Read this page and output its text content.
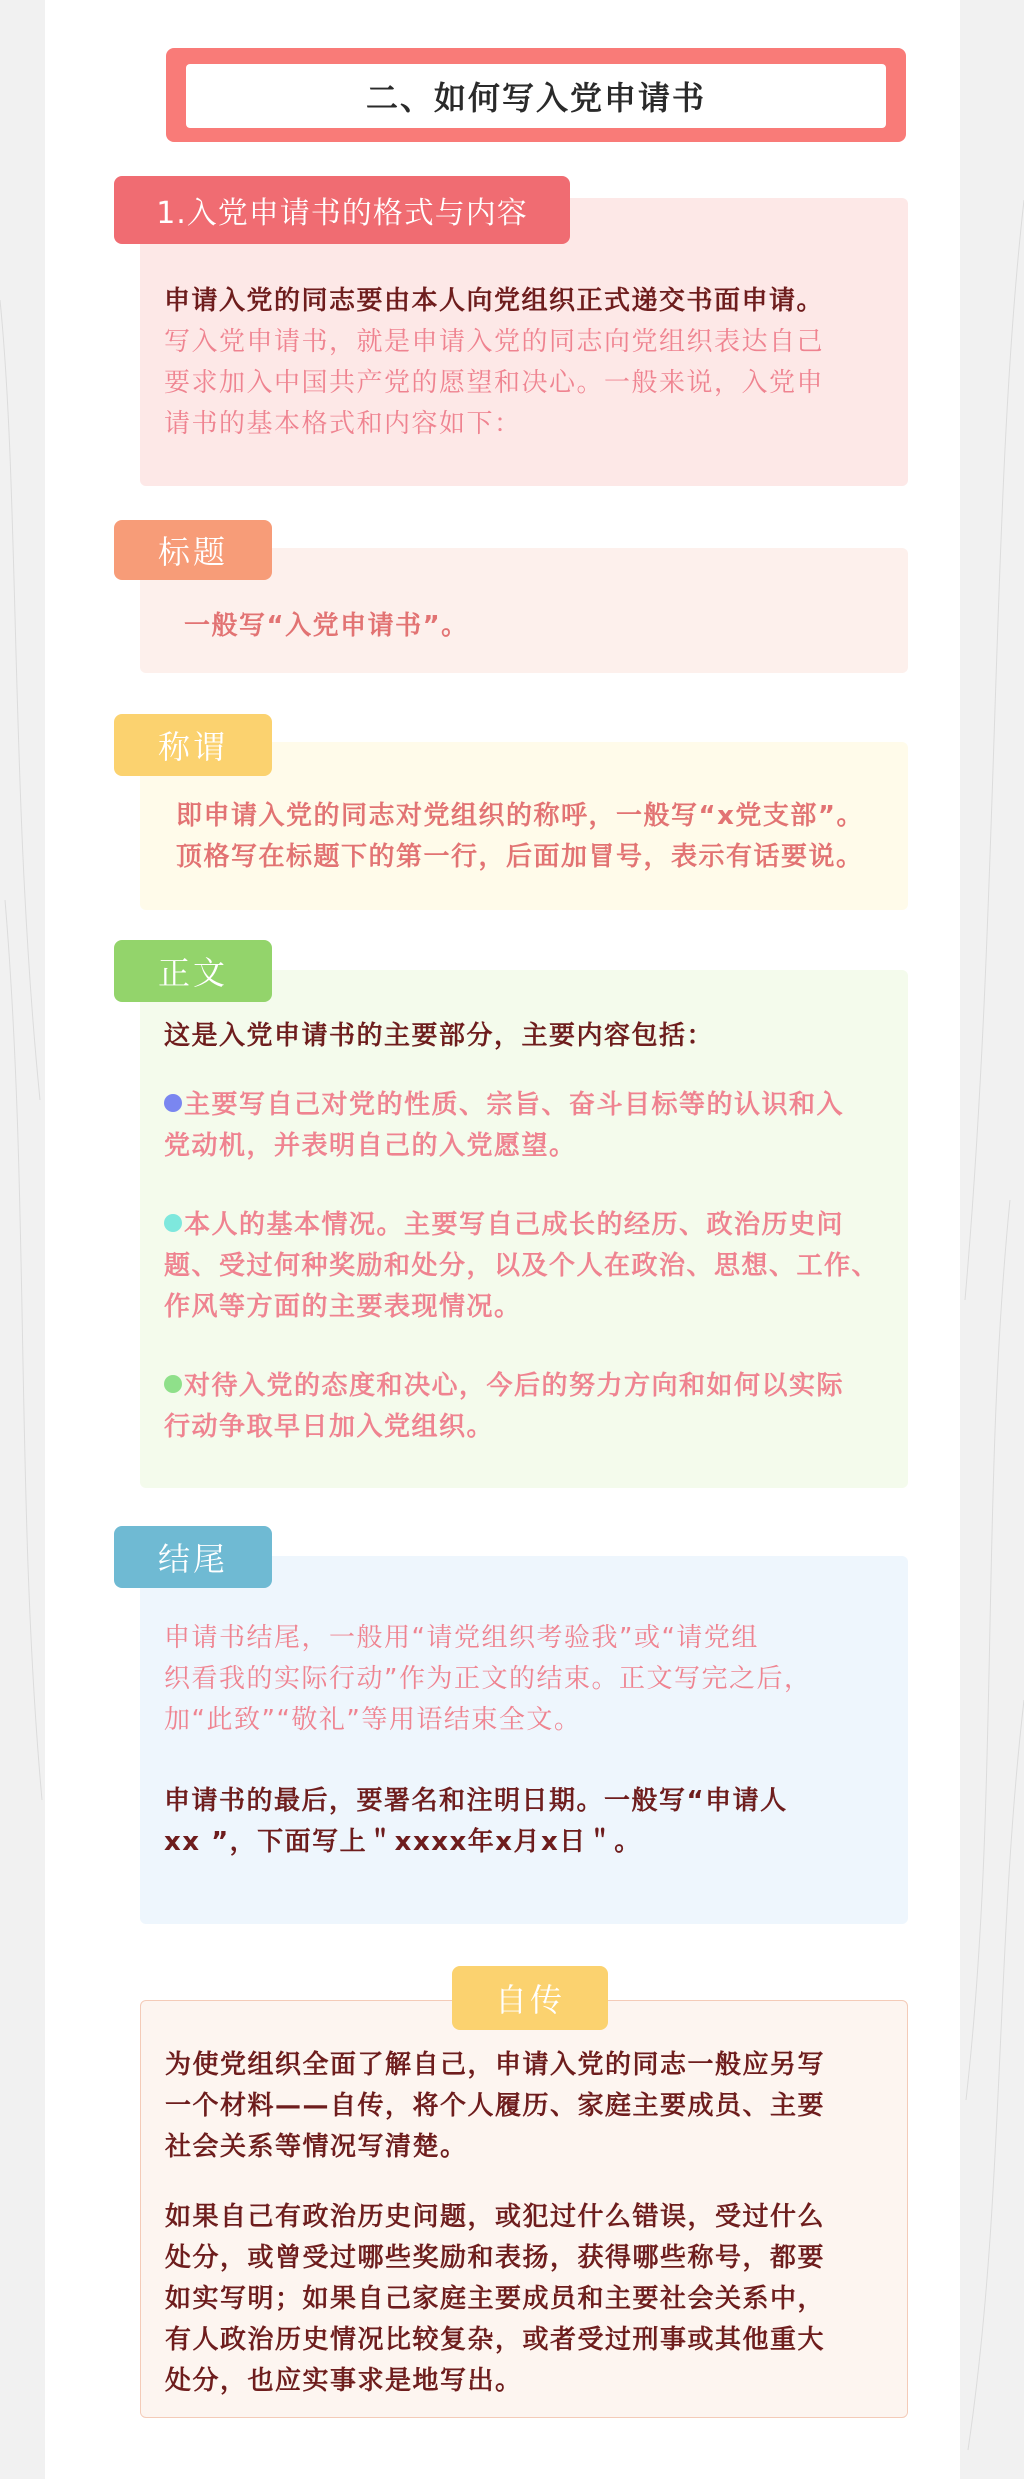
二、如何写入党申请书

申请入党的同志要由本人向党组织正式递交书面申请。

写入党申请书，就是申请入党的同志向党组织表达自己

要求加入中国共产党的愿望和决心。一般来说，入党申

请书的基本格式和内容如下：

1.入党申请书的格式与内容

一般写“入党申请书”。

标题

即申请入党的同志对党组织的称呼，一般写“x党支部”。

顶格写在标题下的第一行，后面加冒号，表示有话要说。

称谓

这是入党申请书的主要部分，主要内容包括：

主要写自己对党的性质、宗旨、奋斗目标等的认识和入

党动机，并表明自己的入党愿望。

本人的基本情况。主要写自己成长的经历、政治历史问

题、受过何种奖励和处分，以及个人在政治、思想、工作、

作风等方面的主要表现情况。

对待入党的态度和决心，今后的努力方向和如何以实际

行动争取早日加入党组织。

正文

申请书结尾，一般用“请党组织考验我”或“请党组

织看我的实际行动”作为正文的结束。正文写完之后，

加“此致”“敬礼”等用语结束全文。

申请书的最后，要署名和注明日期。一般写“申请人

xx ”，下面写上＂xxxx年x月x日＂。

结尾

为使党组织全面了解自己，申请入党的同志一般应另写

一个材料——自传，将个人履历、家庭主要成员、主要

社会关系等情况写清楚。

如果自己有政治历史问题，或犯过什么错误，受过什么

处分，或曾受过哪些奖励和表扬，获得哪些称号，都要

如实写明；如果自己家庭主要成员和主要社会关系中，

有人政治历史情况比较复杂，或者受过刑事或其他重大

处分，也应实事求是地写出。

自传
